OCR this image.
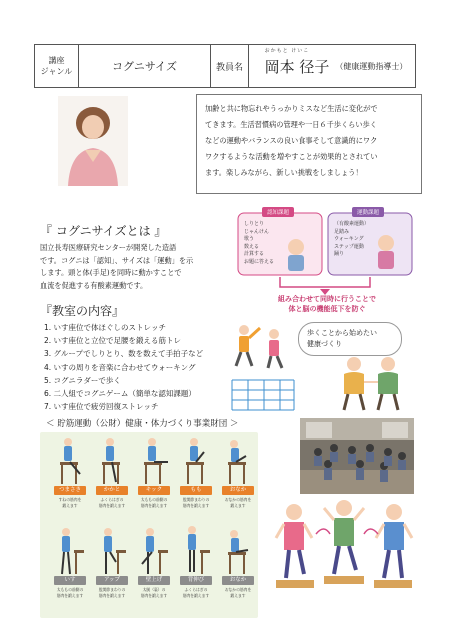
講座
ジャンル	コグニサイズ	教員名
おかもと けいこ
岡本 径子 （健康運動指導士）
加齢と共に物忘れやうっかりミスなど生活に変化がで
てきます。生活習慣病の管理や一日６千歩くらい歩く
などの運動やバランスの良い食事そして意識的にワク
ワクするような活動を増やすことが効果的とされてい
ます。楽しみながら、新しい挑戦をしましょう！
『 コグニサイズとは 』
国立長寿医療研究センターが開発した造語
です。コグニは「認知」、サイズは「運動」を示
します。頭と体(手足)を同時に動かすことで
血流を促進する有酸素運動です。
認知課題	運動課題
しりとり
じゃんけん
歌う
数える
計算する
お題に答える
（有酸素運動）
足踏み
ウォーキング
ステップ運動
踊り
組み合わせて同時に行うことで
体と脳の機能低下を防ぐ
『教室の内容』
1. いす座位で体ほぐしのストレッチ
2. いす座位と立位で足腰を鍛える筋トレ
3. グループでしりとり、数を数えて手拍子など
4. いすの周りを音楽に合わせてウォーキング
5. コグニラダーで歩く
6. 二人組でコグニゲーム（簡単な認知課題）
7. いす座位で疲労回復ストレッチ
歩くことから始めたい
健康づくり
＜ 貯筋運動（公財）健康・体力づくり事業財団 ＞
つまさき
すねの筋肉を
鍛えます
かかと
ふくらはぎの
筋肉を鍛えます
キック
太ももの前側の
筋肉を鍛えます
もも
股関節まわりの
筋肉を鍛えます
おなか
おなかの筋肉を
鍛えます
いす
太ももの前側の
筋肉を鍛えます
アップ
股関節まわりの
筋肉を鍛えます
壁上げ
太腿（裏）の
筋肉を鍛えます
背伸び
ふくらはぎの
筋肉を鍛えます
おなか
おなかの筋肉を
鍛えます
